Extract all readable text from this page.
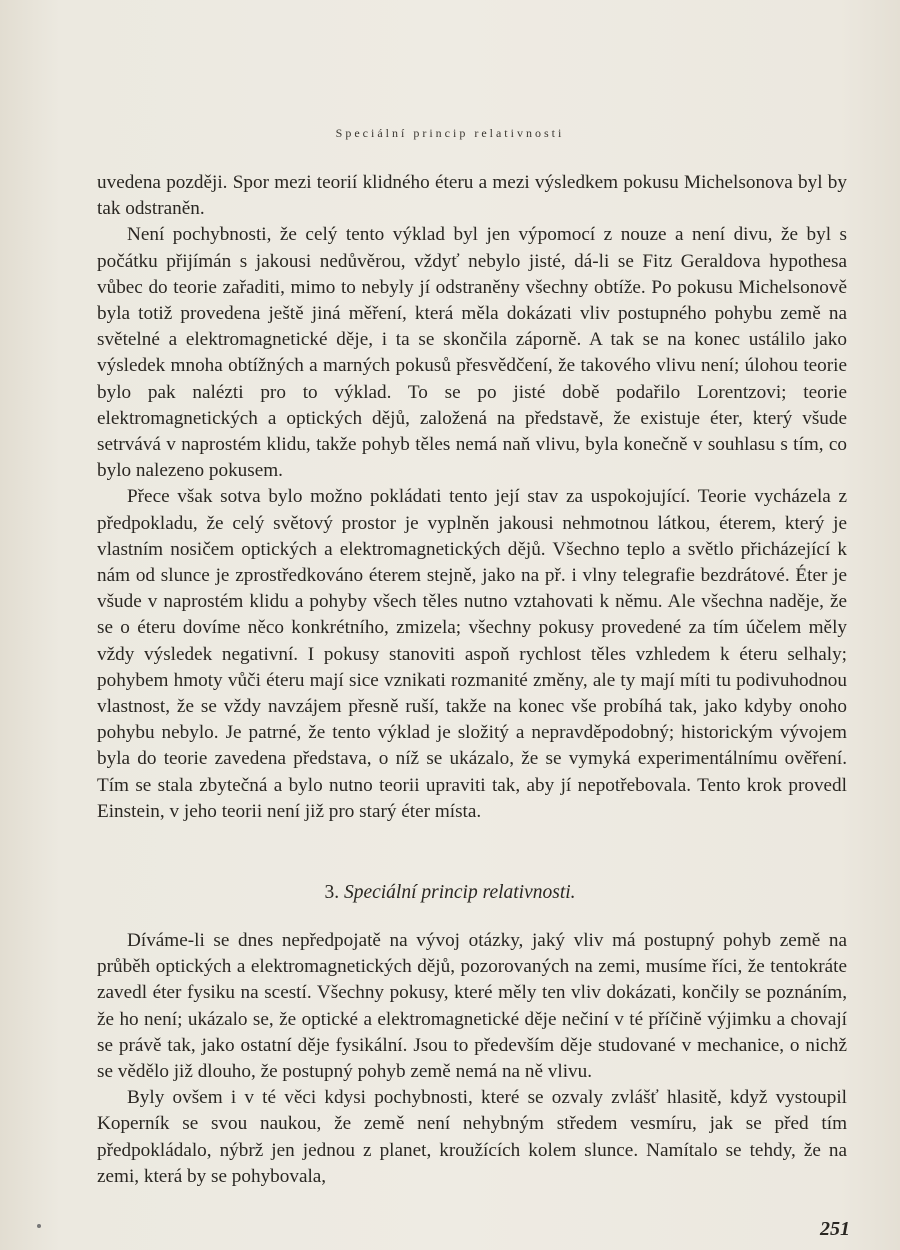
Speciální princip relativnosti

uvedena později. Spor mezi teorií klidného éteru a mezi výsledkem pokusu Michelsonova byl by tak odstraněn.

Není pochybnosti, že celý tento výklad byl jen výpomocí z nouze a není divu, že byl s počátku přijímán s jakousi nedůvěrou, vždyť nebylo jisté, dá-li se Fitz Geraldova hypothesa vůbec do teorie zařaditi, mimo to nebyly jí odstraněny všechny obtíže. Po pokusu Michelsonově byla totiž provedena ještě jiná měření, která měla dokázati vliv postupného pohybu země na světelné a elektromagnetické děje, i ta se skončila záporně. A tak se na konec ustálilo jako výsledek mnoha obtížných a marných pokusů přesvědčení, že takového vlivu není; úlohou teorie bylo pak nalézti pro to výklad. To se po jisté době podařilo Lorentzovi; teorie elektromagnetických a optických dějů, založená na představě, že existuje éter, který všude setrvává v naprostém klidu, takže pohyb těles nemá naň vlivu, byla konečně v souhlasu s tím, co bylo nalezeno pokusem.

Přece však sotva bylo možno pokládati tento její stav za uspokojující. Teorie vycházela z předpokladu, že celý světový prostor je vyplněn jakousi nehmotnou látkou, éterem, který je vlastním nosičem optických a elektromagnetických dějů. Všechno teplo a světlo přicházející k nám od slunce je zprostředkováno éterem stejně, jako na př. i vlny telegrafie bezdrátové. Éter je všude v naprostém klidu a pohyby všech těles nutno vztahovati k němu. Ale všechna naděje, že se o éteru dovíme něco konkrétního, zmizela; všechny pokusy provedené za tím účelem měly vždy výsledek negativní. I pokusy stanoviti aspoň rychlost těles vzhledem k éteru selhaly; pohybem hmoty vůči éteru mají sice vznikati rozmanité změny, ale ty mají míti tu podivuhodnou vlastnost, že se vždy navzájem přesně ruší, takže na konec vše probíhá tak, jako kdyby onoho pohybu nebylo. Je patrné, že tento výklad je složitý a nepravděpodobný; historickým vývojem byla do teorie zavedena představa, o níž se ukázalo, že se vymyká experimentálnímu ověření. Tím se stala zbytečná a bylo nutno teorii upraviti tak, aby jí nepotřebovala. Tento krok provedl Einstein, v jeho teorii není již pro starý éter místa.

3. Speciální princip relativnosti.

Díváme-li se dnes nepředpojatě na vývoj otázky, jaký vliv má postupný pohyb země na průběh optických a elektromagnetických dějů, pozorovaných na zemi, musíme říci, že tentokráte zavedl éter fysiku na scestí. Všechny pokusy, které měly ten vliv dokázati, končily se poznáním, že ho není; ukázalo se, že optické a elektromagnetické děje nečiní v té příčině výjimku a chovají se právě tak, jako ostatní děje fysikální. Jsou to především děje studované v mechanice, o nichž se vědělo již dlouho, že postupný pohyb země nemá na ně vlivu.

Byly ovšem i v té věci kdysi pochybnosti, které se ozvaly zvlášť hlasitě, když vystoupil Koperník se svou naukou, že země není nehybným středem vesmíru, jak se před tím předpokládalo, nýbrž jen jednou z planet, kroužících kolem slunce. Namítalo se tehdy, že na zemi, která by se pohybovala,

251
